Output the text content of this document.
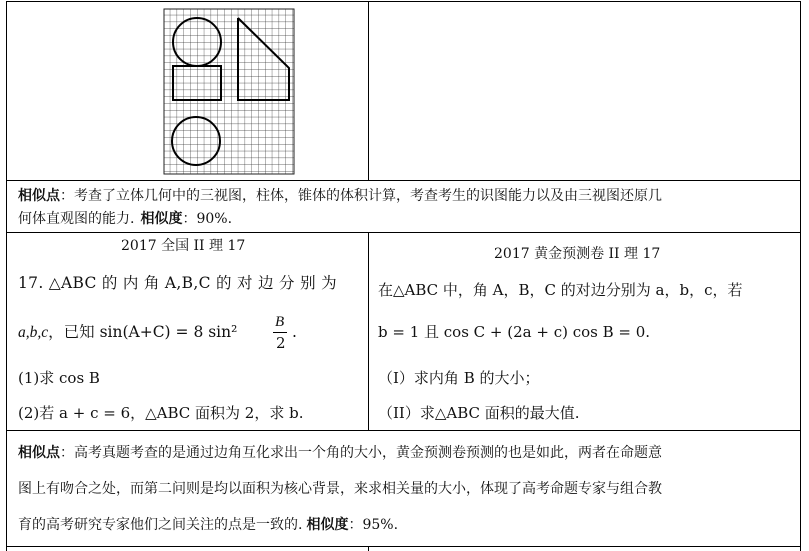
相似点：考查了立体几何中的三视图，柱体，锥体的体积计算，考查考生的识图能力以及由三视图还原几
何体直观图的能力. 相似度：90%.
2017 全国 II 理 17
17. △ABC 的 内 角 A,B,C 的 对 边 分 别 为
a,b,c，已知 sin(A+C) = 8 sin²
B
2
.
(1)求 cos B
(2)若 a + c = 6，△ABC 面积为 2，求 b.
2017 黄金预测卷 II 理 17
在△ABC 中，角 A，B，C 的对边分别为 a，b，c，若
b = 1 且 cos C + (2a + c) cos B = 0.
（I）求内角 B 的大小；
（II）求△ABC 面积的最大值.
相似点：高考真题考查的是通过边角互化求出一个角的大小，黄金预测卷预测的也是如此，两者在命题意
图上有吻合之处，而第二问则是均以面积为核心背景，来求相关量的大小，体现了高考命题专家与组合教
育的高考研究专家他们之间关注的点是一致的. 相似度：95%.
